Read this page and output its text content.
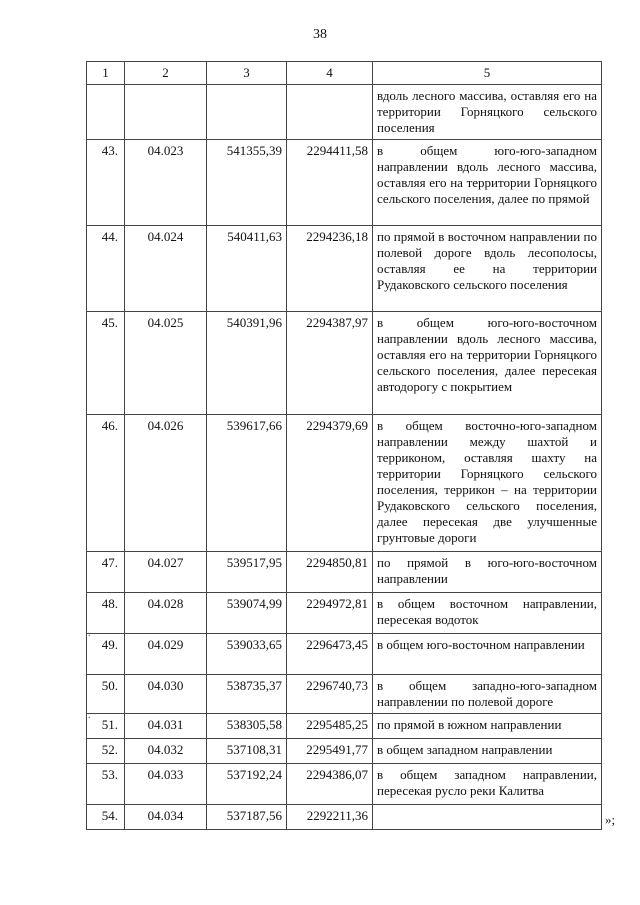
38
1	2	3	4	5
				вдоль лесного массива, оставляя его на территории Горняцкого сельского поселения
43.	04.023	541355,39	2294411,58	в общем юго-юго-западном направлении вдоль лесного массива, оставляя его на территории Горняцкого сельского поселения, далее по прямой
44.	04.024	540411,63	2294236,18	по прямой в восточном направлении по полевой дороге вдоль лесополосы, оставляя ее на территории Рудаковского сельского поселения
45.	04.025	540391,96	2294387,97	в общем юго-юго-восточном направлении вдоль лесного массива, оставляя его на территории Горняцкого сельского поселения, далее пересекая автодорогу с покрытием
46.	04.026	539617,66	2294379,69	в общем восточно-юго-западном направлении между шахтой и терриконом, оставляя шахту на территории Горняцкого сельского поселения, террикон – на территории Рудаковского сельского поселения, далее пересекая две улучшенные грунтовые дороги
47.	04.027	539517,95	2294850,81	по прямой в юго-юго-восточном направлении
48.	04.028	539074,99	2294972,81	в общем восточном направлении, пересекая водоток
49.	04.029	539033,65	2296473,45	в общем юго-восточном направлении
50.	04.030	538735,37	2296740,73	в общем западно-юго-западном направлении по полевой дороге
51.	04.031	538305,58	2295485,25	по прямой в южном направлении
52.	04.032	537108,31	2295491,77	в общем западном направлении
53.	04.033	537192,24	2294386,07	в общем западном направлении, пересекая русло реки Калитва
54.	04.034	537187,56	2292211,36		»;
.
.
